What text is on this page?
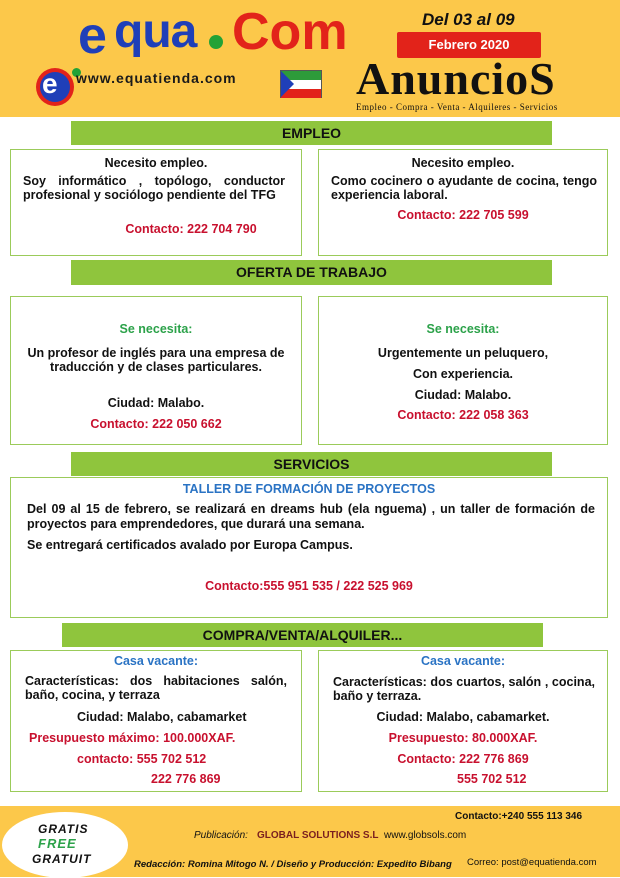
e qua Com
e www.equatienda.com
Del 03 al 09
Febrero 2020
AnuncioS
Empleo - Compra - Venta - Alquileres - Servicios
EMPLEO
Necesito empleo.
Soy informático , topólogo, conductor profesional y sociólogo pendiente del TFG
Contacto: 222 704 790
Necesito empleo.
Como cocinero o ayudante de cocina, tengo experiencia laboral.
Contacto: 222 705 599
OFERTA DE TRABAJO
Se necesita:
Un profesor de inglés para una empresa de traducción y de clases particulares.
Ciudad: Malabo.
Contacto: 222 050 662
Se necesita:
Urgentemente un peluquero,
Con experiencia.
Ciudad: Malabo.
Contacto: 222 058 363
SERVICIOS
TALLER DE FORMACIÓN DE PROYECTOS
Del 09 al 15 de febrero, se realizará en dreams hub (ela nguema) , un taller de formación de proyectos para emprendedores, que durará una semana.
Se entregará certificados avalado por Europa Campus.
Contacto:555 951 535 / 222 525 969
COMPRA/VENTA/ALQUILER...
Casa vacante:
Características: dos habitaciones salón, baño, cocina, y terraza
Ciudad: Malabo, cabamarket
Presupuesto máximo: 100.000XAF.
contacto: 555 702 512
222 776 869
Casa vacante:
Características: dos cuartos, salón , cocina, baño y terraza.
Ciudad: Malabo, cabamarket.
Presupuesto: 80.000XAF.
Contacto: 222 776 869
555 702 512
GRATIS
FREE
GRATUIT
Contacto:+240 555 113 346
Publicación: GLOBAL SOLUTIONS S.L www.globsols.com
Redacción: Romina Mitogo N. / Diseño y Producción: Expedito Bibang Correo: post@equatienda.com
